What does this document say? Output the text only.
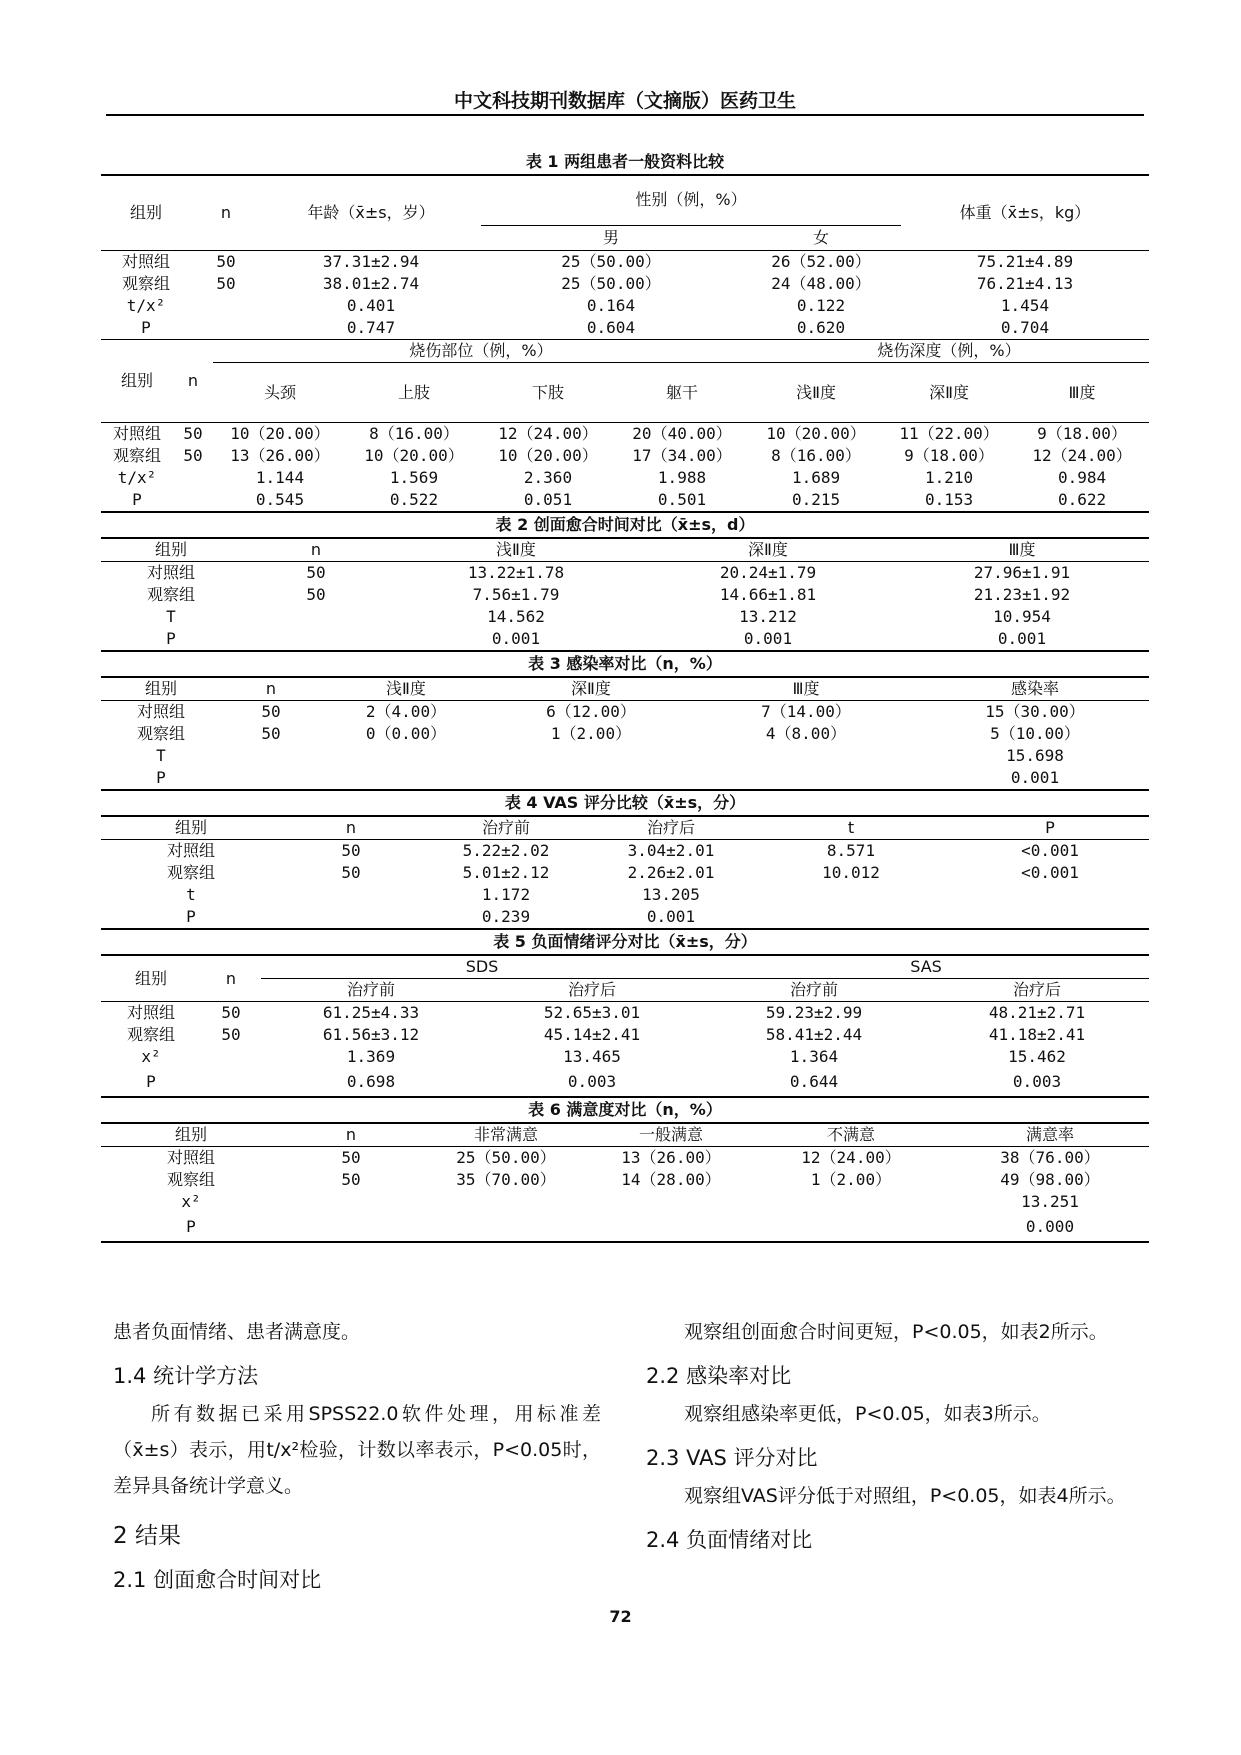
中文科技期刊数据库（文摘版）医药卫生
表 1 两组患者一般资料比较
组别	n	年龄（x̄±s，岁）	性别（例，%）		体重（x̄±s，kg）

			男	女	
对照组	50	37.31±2.94	25（50.00）	26（52.00）	75.21±4.89
观察组	50	38.01±2.74	25（50.00）	24（48.00）	76.21±4.13
t/x²		0.401	0.164	0.122	1.454
P		0.747	0.604	0.620	0.704
组别	n	烧伤部位（例，%）				烧伤深度（例，%）		
		头颈	上肢	下肢	躯干	浅Ⅱ度	深Ⅱ度	Ⅲ度
对照组	50	10（20.00）	8（16.00）	12（24.00）	20（40.00）	10（20.00）	11（22.00）	9（18.00）
观察组	50	13（26.00）	10（20.00）	10（20.00）	17（34.00）	8（16.00）	9（18.00）	12（24.00）
t/x²		1.144	1.569	2.360	1.988	1.689	1.210	0.984
P		0.545	0.522	0.051	0.501	0.215	0.153	0.622
表 2 创面愈合时间对比（x̄±s，d）
组别	n	浅Ⅱ度	深Ⅱ度	Ⅲ度
对照组	50	13.22±1.78	20.24±1.79	27.96±1.91
观察组	50	7.56±1.79	14.66±1.81	21.23±1.92
T		14.562	13.212	10.954
P		0.001	0.001	0.001
表 3 感染率对比（n，%）
组别	n	浅Ⅱ度	深Ⅱ度	Ⅲ度	感染率
对照组	50	2（4.00）	6（12.00）	7（14.00）	15（30.00）
观察组	50	0（0.00）	1（2.00）	4（8.00）	5（10.00）
T					15.698
P					0.001
表 4 VAS 评分比较（x̄±s，分）
组别	n	治疗前	治疗后	t	P
对照组	50	5.22±2.02	3.04±2.01	8.571	<0.001
观察组	50	5.01±2.12	2.26±2.01	10.012	<0.001
t		1.172	13.205		
P		0.239	0.001		
表 5 负面情绪评分对比（x̄±s，分）
组别	n	SDS		SAS	
		治疗前	治疗后	治疗前	治疗后
对照组	50	61.25±4.33	52.65±3.01	59.23±2.99	48.21±2.71
观察组	50	61.56±3.12	45.14±2.41	58.41±2.44	41.18±2.41
x²		1.369	13.465	1.364	15.462
P		0.698	0.003	0.644	0.003
表 6 满意度对比（n，%）
组别	n	非常满意	一般满意	不满意	满意率
对照组	50	25（50.00）	13（26.00）	12（24.00）	38（76.00）
观察组	50	35（70.00）	14（28.00）	1（2.00）	49（98.00）
x²					13.251
P					0.000

患者负面情绪、患者满意度。

1.4 统计学方法

所有数据已采用SPSS22.0软件处理，用标准差（x̄±s）表示，用t/x²检验，计数以率表示，P<0.05时，差异具备统计学意义。

2 结果
2.1 创面愈合时间对比

观察组创面愈合时间更短，P<0.05，如表2所示。

2.2 感染率对比

观察组感染率更低，P<0.05，如表3所示。

2.3 VAS 评分对比

观察组VAS评分低于对照组，P<0.05，如表4所示。

2.4 负面情绪对比
72
